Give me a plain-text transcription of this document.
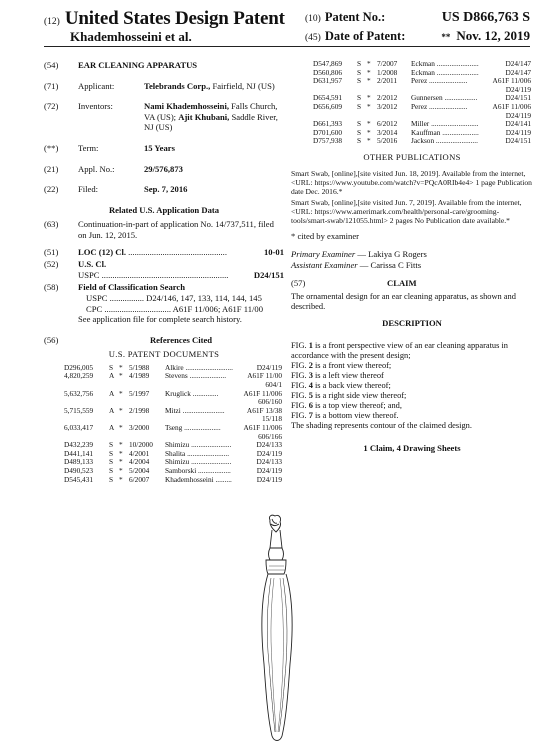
(12) United States Design Patent
Khademhosseini et al.
(10) Patent No.:	US D866,763 S
(45) Date of Patent:	** Nov. 12, 2019
(54)	EAR CLEANING APPARATUS
(71)	Applicant:	Telebrands Corp., Fairfield, NJ (US)
(72)	Inventors:	Nami Khademhosseini, Falls Church, VA (US); Ajit Khubani, Saddle River, NJ (US)
(**)	Term:	15 Years
(21)	Appl. No.:	29/576,873
(22)	Filed:	Sep. 7, 2016
Related U.S. Application Data
(63)	Continuation-in-part of application No. 14/737,511, filed on Jun. 12, 2015.
(51)	LOC (12) Cl. ..............................................	10-01
(52)	U.S. Cl.
USPC ...........................................................	D24/151
(58)	Field of Classification Search
USPC ................ D24/146, 147, 133, 114, 144, 145
CPC ............................... A61F 11/006; A61F 11/00
See application file for complete search history.
(56)	References Cited
U.S. PATENT DOCUMENTS
D296,005	S	*	5/1988	Alkire ..........................	D24/119
4,820,259	A	*	4/1989	Stevens ....................	A61F 11/00
604/1					
5,632,756	A	*	5/1997	Kruglick ..............	A61F 11/006
606/160					
5,715,559	A	*	2/1998	Mitzi .......................	A61F 13/38
15/118					
6,033,417	A	*	3/2000	Tseng ....................	A61F 11/006
606/166					
D432,239	S	*	10/2000	Shimizu ......................	D24/133
D441,141	S	*	4/2001	Shalita .......................	D24/119
D489,133	S	*	4/2004	Shimizu ......................	D24/133
D490,523	S	*	5/2004	Samborski ..................	D24/119
D545,431	S	*	6/2007	Khademhosseini .........	D24/119
D547,869	S	*	7/2007	Eckman .......................	D24/147
D560,806	S	*	1/2008	Eckman .......................	D24/147
D631,957	S	*	2/2011	Perez .....................	A61F 11/006
D24/119					
D654,591	S	*	2/2012	Gunnersen ..................	D24/151
D656,609	S	*	3/2012	Perez .....................	A61F 11/006
D24/119					
D661,393	S	*	6/2012	Miller ..........................	D24/141
D701,600	S	*	3/2014	Kauffman ....................	D24/119
D757,938	S	*	5/2016	Jackson .......................	D24/151
OTHER PUBLICATIONS
Smart Swab, [online],[site visited Jun. 18, 2019]. Available from the internet,<URL: https://www.youtube.com/watch?v=PQcA0RIb4e4> 1 page Publication date Dec. 2016.*
Smart Swab, [online],[site visited Jun. 7, 2019]. Available from the internet,<URL: https://www.amerimark.com/health/personal-care/grooming-tools/smart-swab/121055.html> 2 pages No Publication date available.*
* cited by examiner
Primary Examiner — Lakiya G Rogers
Assistant Examiner — Carissa C Fitts
(57)	CLAIM
The ornamental design for an ear cleaning apparatus, as shown and described.
DESCRIPTION
FIG. 1 is a front perspective view of an ear cleaning apparatus in accordance with the present design;
FIG. 2 is a front view thereof;
FIG. 3 is a left view thereof
FIG. 4 is a back view thereof;
FIG. 5 is a right side view thereof;
FIG. 6 is a top view thereof; and,
FIG. 7 is a bottom view thereof.
The shading represents contour of the claimed design.
1 Claim, 4 Drawing Sheets
